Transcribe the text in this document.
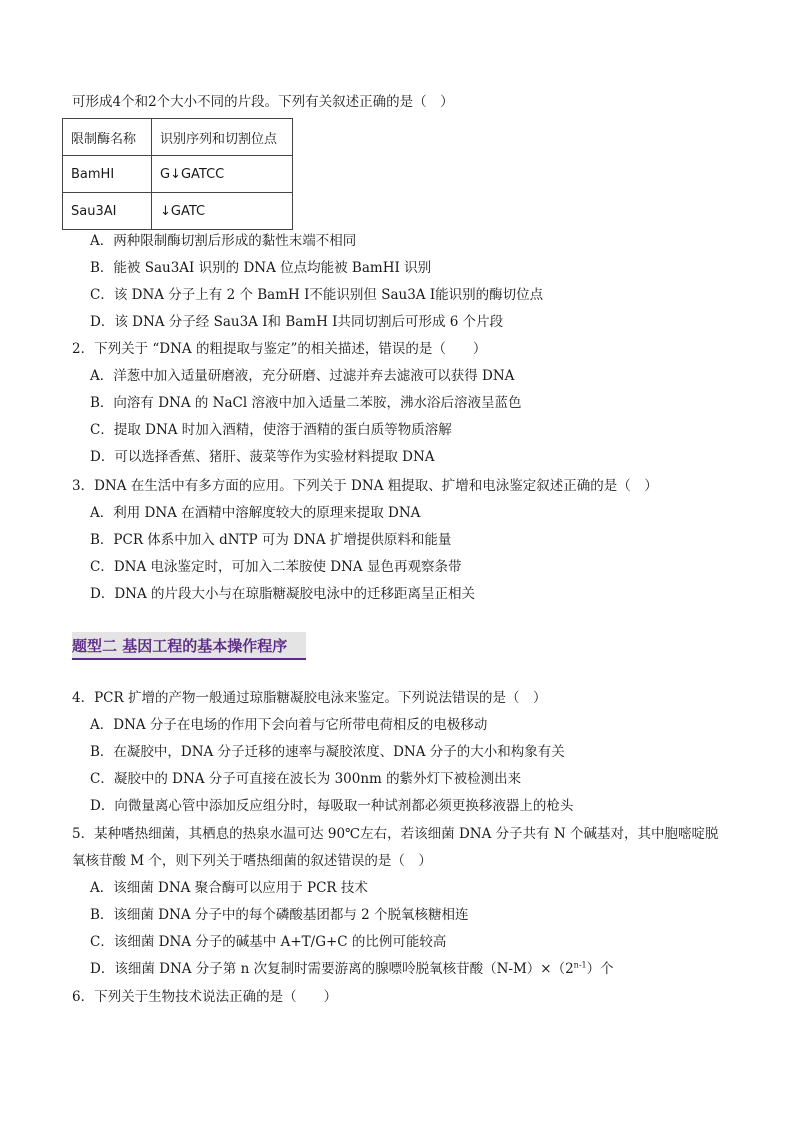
可形成4个和2个大小不同的片段。下列有关叙述正确的是（　）
限制酶名称	识别序列和切割位点
BamHI	G↓GATCC
Sau3AI	↓GATC
A．两种限制酶切割后形成的黏性末端不相同
B．能被 Sau3AI 识别的 DNA 位点均能被 BamHI 识别
C．该 DNA 分子上有 2 个 BamH Ⅰ不能识别但 Sau3A Ⅰ能识别的酶切位点
D．该 DNA 分子经 Sau3A Ⅰ和 BamH Ⅰ共同切割后可形成 6 个片段
2．下列关于 “DNA 的粗提取与鉴定”的相关描述，错误的是（　　）
A．洋葱中加入适量研磨液，充分研磨、过滤并弃去滤液可以获得 DNA
B．向溶有 DNA 的 NaCl 溶液中加入适量二苯胺，沸水浴后溶液呈蓝色
C．提取 DNA 时加入酒精，使溶于酒精的蛋白质等物质溶解
D．可以选择香蕉、猪肝、菠菜等作为实验材料提取 DNA
3．DNA 在生活中有多方面的应用。下列关于 DNA 粗提取、扩增和电泳鉴定叙述正确的是（　）
A．利用 DNA 在酒精中溶解度较大的原理来提取 DNA
B．PCR 体系中加入 dNTP 可为 DNA 扩增提供原料和能量
C．DNA 电泳鉴定时，可加入二苯胺使 DNA 显色再观察条带
D．DNA 的片段大小与在琼脂糖凝胶电泳中的迁移距离呈正相关
题型二 基因工程的基本操作程序
4．PCR 扩增的产物一般通过琼脂糖凝胶电泳来鉴定。下列说法错误的是（　）
A．DNA 分子在电场的作用下会向着与它所带电荷相反的电极移动
B．在凝胶中，DNA 分子迁移的速率与凝胶浓度、DNA 分子的大小和构象有关
C．凝胶中的 DNA 分子可直接在波长为 300nm 的紫外灯下被检测出来
D．向微量离心管中添加反应组分时，每吸取一种试剂都必须更换移液器上的枪头
5．某种嗜热细菌，其栖息的热泉水温可达 90℃左右，若该细菌 DNA 分子共有 N 个碱基对，其中胞嘧啶脱
氧核苷酸 M 个，则下列关于嗜热细菌的叙述错误的是（　）
A．该细菌 DNA 聚合酶可以应用于 PCR 技术
B．该细菌 DNA 分子中的每个磷酸基团都与 2 个脱氧核糖相连
C．该细菌 DNA 分子的碱基中 A+T/G+C 的比例可能较高
D．该细菌 DNA 分子第 n 次复制时需要游离的腺嘌呤脱氧核苷酸$(N-M)\times(2^{n-1})$个
6．下列关于生物技术说法正确的是（　　）
